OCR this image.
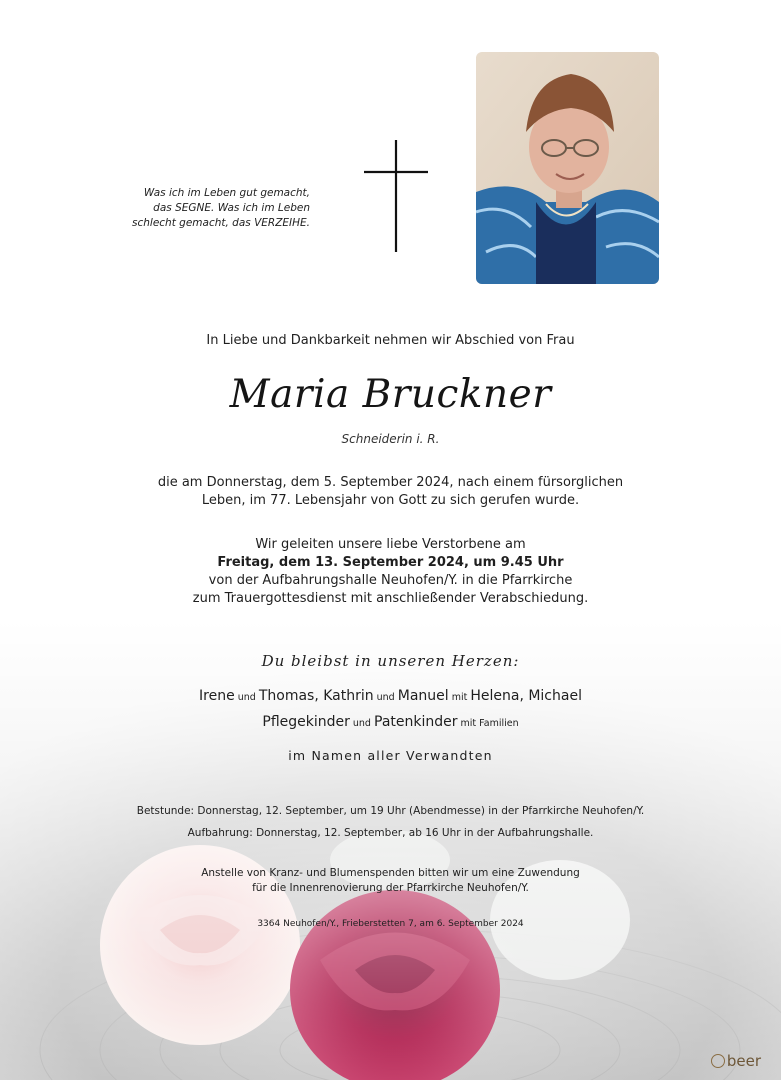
Was ich im Leben gut gemacht,
das SEGNE. Was ich im Leben
schlecht gemacht, das VERZEIHE.
In Liebe und Dankbarkeit nehmen wir Abschied von Frau
Maria Bruckner
Schneiderin i. R.
die am Donnerstag, dem 5. September 2024, nach einem fürsorglichen
Leben, im 77. Lebensjahr von Gott zu sich gerufen wurde.
Wir geleiten unsere liebe Verstorbene am
Freitag, dem 13. September 2024, um 9.45 Uhr
von der Aufbahrungshalle Neuhofen/Y. in die Pfarrkirche
zum Trauergottesdienst mit anschließender Verabschiedung.
Du bleibst in unseren Herzen:
Irene und Thomas, Kathrin und Manuel mit Helena, Michael
Pflegekinder und Patenkinder mit Familien
im Namen aller Verwandten
Betstunde: Donnerstag, 12. September, um 19 Uhr (Abendmesse) in der Pfarrkirche Neuhofen/Y.
Aufbahrung: Donnerstag, 12. September, ab 16 Uhr in der Aufbahrungshalle.
Anstelle von Kranz- und Blumenspenden bitten wir um eine Zuwendung
für die Innenrenovierung der Pfarrkirche Neuhofen/Y.
3364 Neuhofen/Y., Frieberstetten 7, am 6. September 2024
beer
